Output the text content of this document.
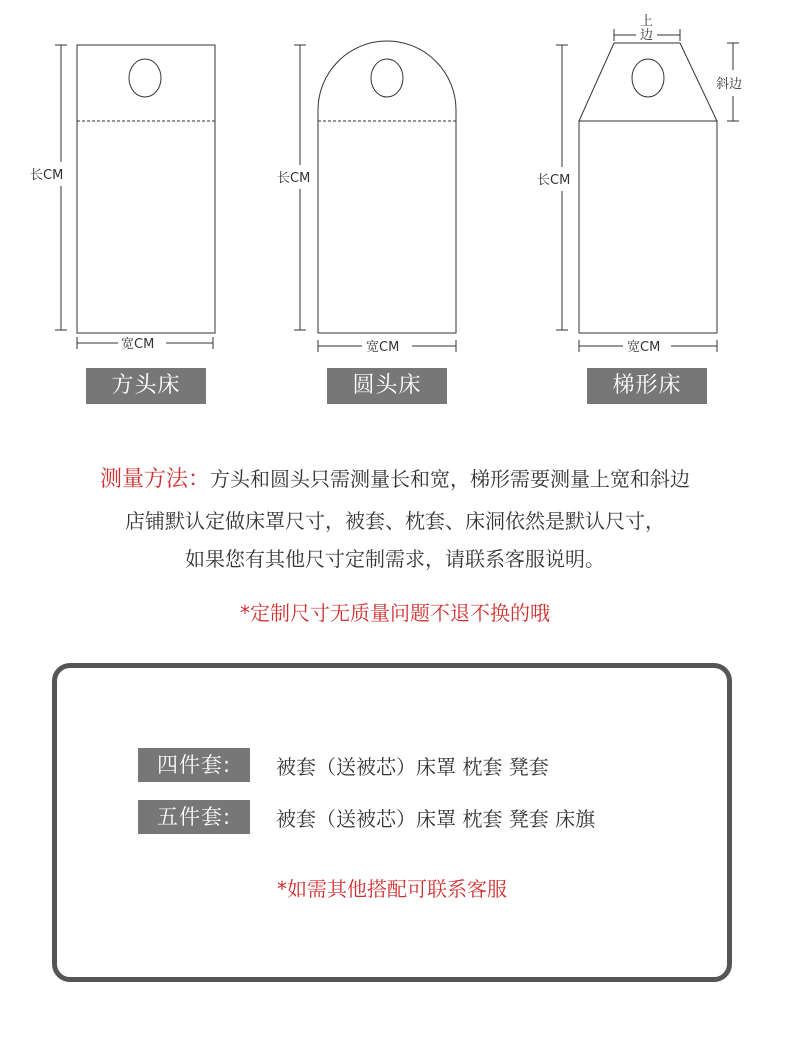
长CM
宽CM
长CM
宽CM
长CM
宽CM
上
边
斜边
方头床	圆头床	梯形床
测量方法：方头和圆头只需测量长和宽，梯形需要测量上宽和斜边
店铺默认定做床罩尺寸，被套、枕套、床洞依然是默认尺寸，
如果您有其他尺寸定制需求，请联系客服说明。
*定制尺寸无质量问题不退不换的哦
四件套:	被套（送被芯）床罩 枕套 凳套
五件套:	被套（送被芯）床罩 枕套 凳套 床旗
*如需其他搭配可联系客服
